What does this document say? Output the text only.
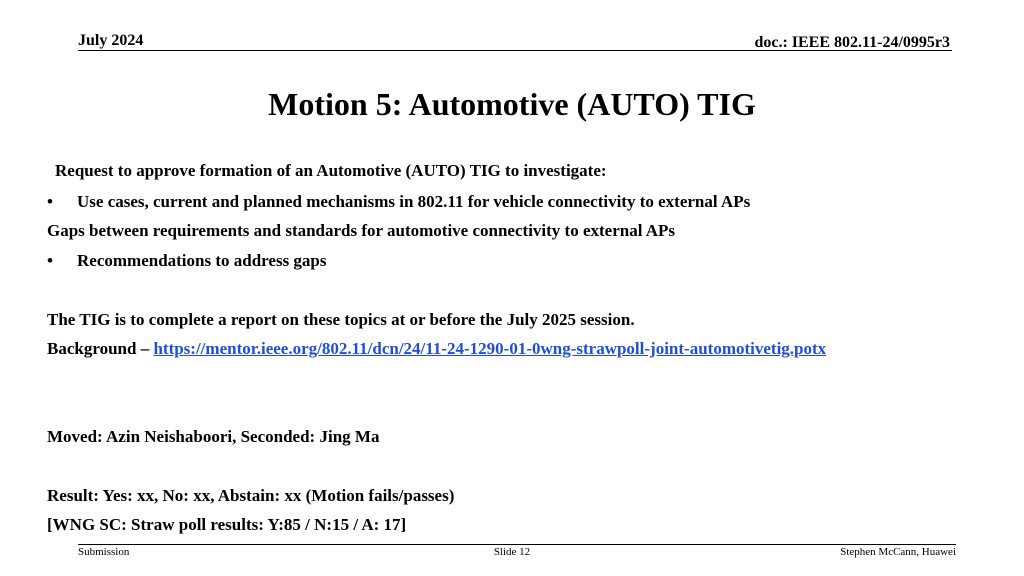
July 2024	doc.: IEEE 802.11-24/0995r3
Motion 5: Automotive (AUTO) TIG
Request to approve formation of an Automotive (AUTO) TIG to investigate:
• Use cases, current and planned mechanisms in 802.11 for vehicle connectivity to external APs
Gaps between requirements and standards for automotive connectivity to external APs
• Recommendations to address gaps
The TIG is to complete a report on these topics at or before the July 2025 session.
Background – https://mentor.ieee.org/802.11/dcn/24/11-24-1290-01-0wng-strawpoll-joint-automotivetig.potx
Moved: Azin Neishaboori, Seconded: Jing Ma
Result: Yes: xx, No: xx, Abstain: xx (Motion fails/passes)
[WNG SC: Straw poll results: Y:85 / N:15 / A: 17]
Submission	Slide 12	Stephen McCann, Huawei
